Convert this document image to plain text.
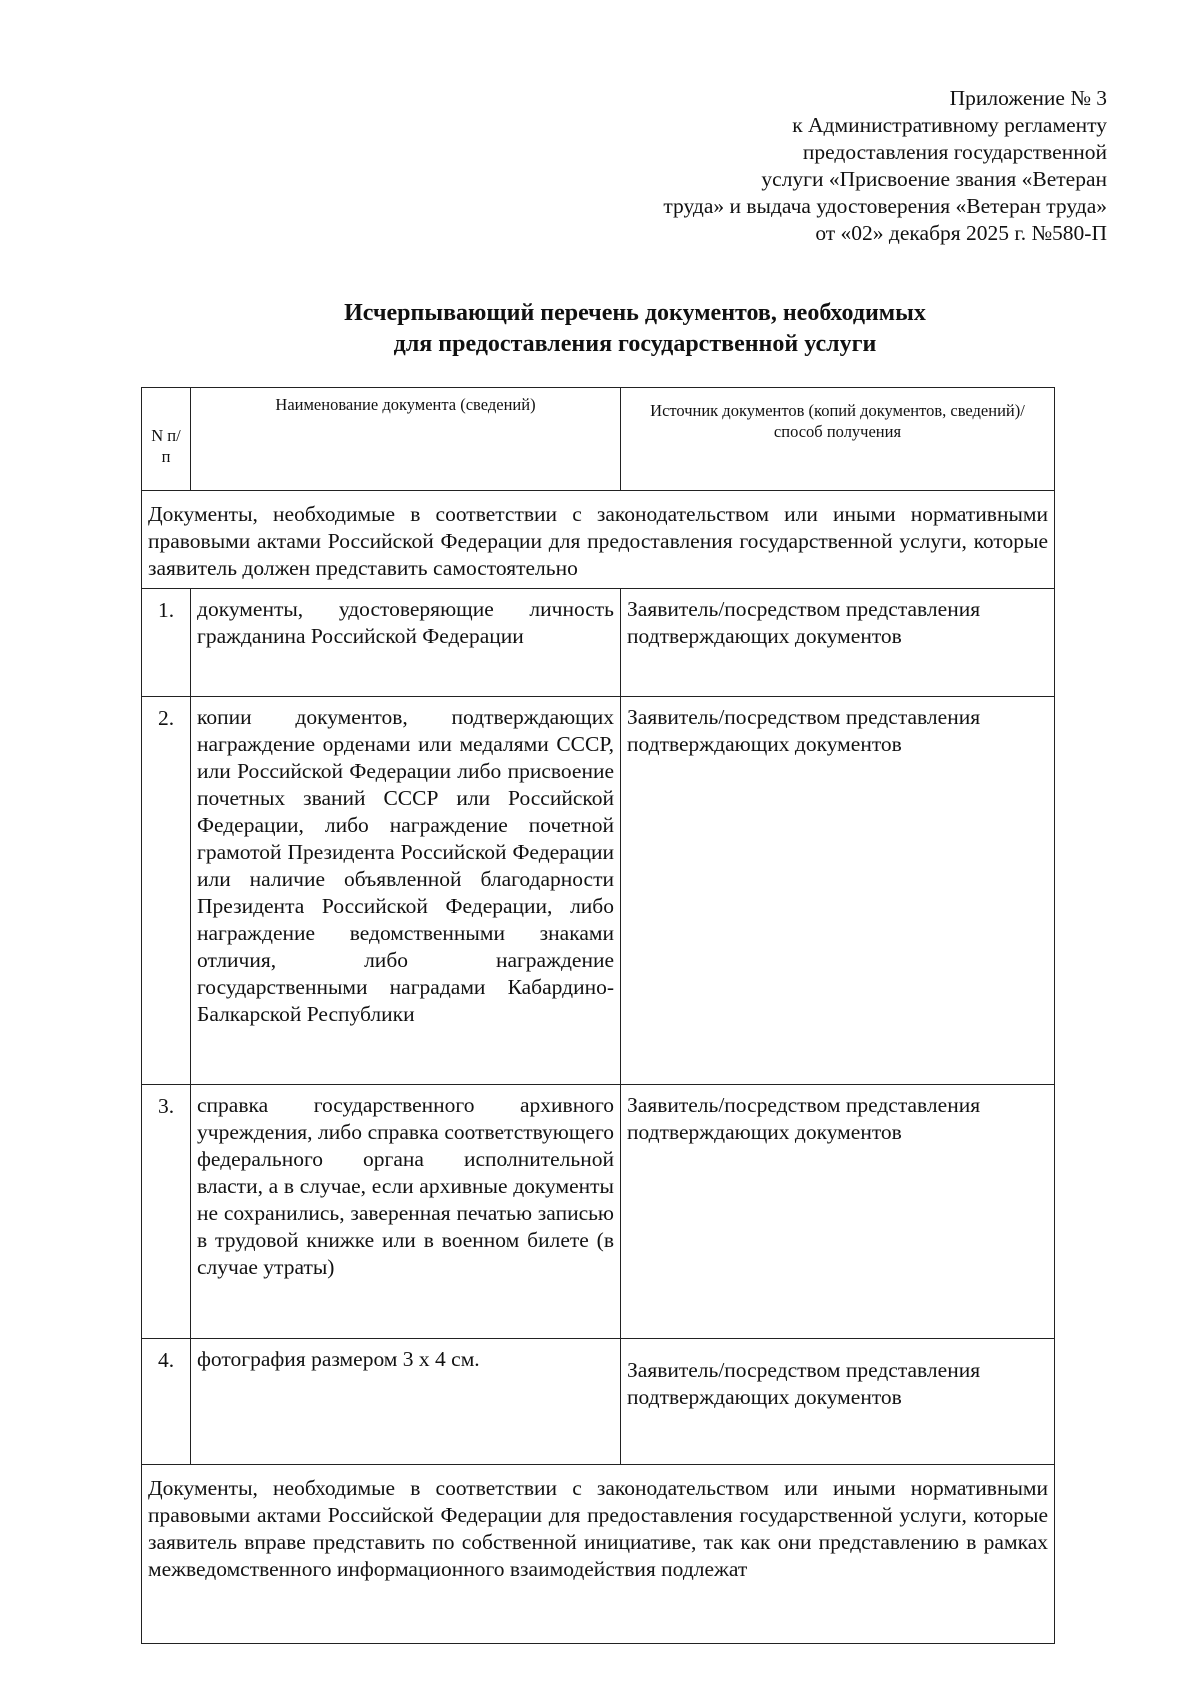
Приложение № 3
к Административному регламенту
предоставления государственной
услуги «Присвоение звания «Ветеран
труда» и выдача удостоверения «Ветеран труда»
от «02» декабря 2025 г. №580-П
Исчерпывающий перечень документов, необходимых
для предоставления государственной услуги
N п/п	Наименование документа (сведений)	Источник документов (копий документов, сведений)/ способ получения
Документы, необходимые в соответствии с законодательством или иными нормативными правовыми актами Российской Федерации для предоставления государственной услуги, которые заявитель должен представить самостоятельно		
1.	документы, удостоверяющие личность гражданина Российской Федерации	Заявитель/посредством представления подтверждающих документов
2.	копии документов, подтверждающих награждение орденами или медалями СССР, или Российской Федерации либо присвоение почетных званий СССР или Российской Федерации, либо награждение почетной грамотой Президента Российской Федерации или наличие объявленной благодарности Президента Российской Федерации, либо награждение ведомственными знаками отличия, либо награждение государственными наградами Кабардино-Балкарской Республики	Заявитель/посредством представления подтверждающих документов
3.	справка государственного архивного учреждения, либо справка соответствующего федерального органа исполнительной власти, а в случае, если архивные документы не сохранились, заверенная печатью записью в трудовой книжке или в военном билете (в случае утраты)	Заявитель/посредством представления подтверждающих документов
4.	фотография размером 3 х 4 см.	Заявитель/посредством представления подтверждающих документов
Документы, необходимые в соответствии с законодательством или иными нормативными правовыми актами Российской Федерации для предоставления государственной услуги, которые заявитель вправе представить по собственной инициативе, так как они представлению в рамках межведомственного информационного взаимодействия подлежат		
